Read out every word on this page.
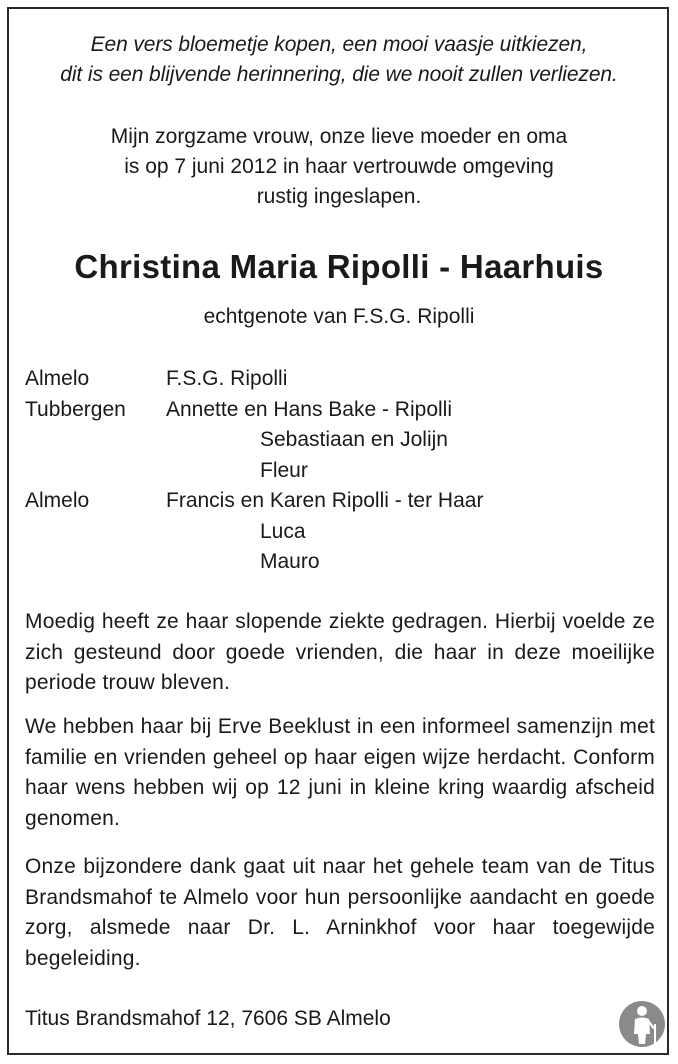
Een vers bloemetje kopen, een mooi vaasje uitkiezen,
dit is een blijvende herinnering, die we nooit zullen verliezen.
Mijn zorgzame vrouw, onze lieve moeder en oma
is op 7 juni 2012 in haar vertrouwde omgeving
rustig ingeslapen.
Christina Maria Ripolli - Haarhuis
echtgenote van F.S.G. Ripolli
Almelo	F.S.G. Ripolli
Tubbergen Annette en Hans Bake - Ripolli
Sebastiaan en Jolijn
Fleur
Almelo	Francis en Karen Ripolli - ter Haar
Luca
Mauro
Moedig heeft ze haar slopende ziekte gedragen. Hierbij voelde ze zich gesteund door goede vrienden, die haar in deze moeilijke periode trouw bleven.
We hebben haar bij Erve Beeklust in een informeel samenzijn met familie en vrienden geheel op haar eigen wijze herdacht. Conform haar wens hebben wij op 12 juni in kleine kring waardig afscheid genomen.
Onze bijzondere dank gaat uit naar het gehele team van de Titus Brandsmahof te Almelo voor hun persoonlijke aandacht en goede zorg, alsmede naar Dr. L. Arninkhof voor haar toegewijde begeleiding.
Titus Brandsmahof 12, 7606 SB Almelo
